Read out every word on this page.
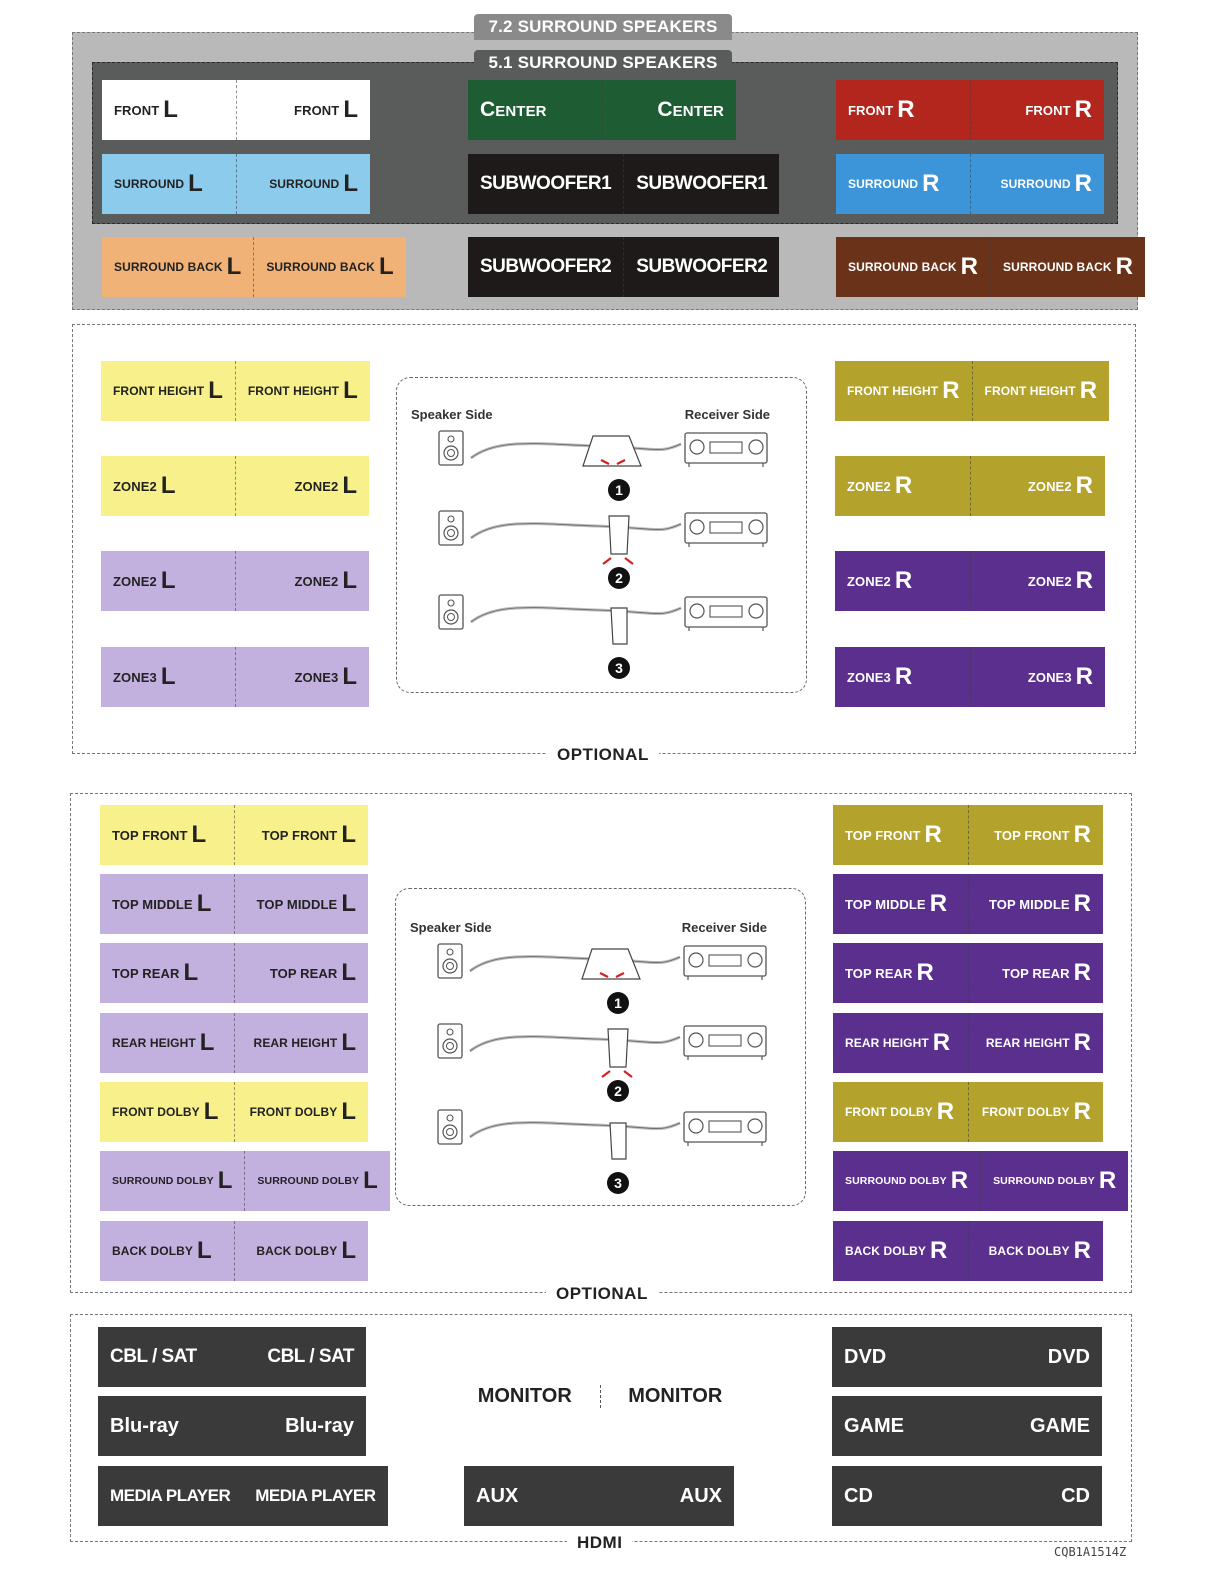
7.2 SURROUND SPEAKERS
5.1 SURROUND SPEAKERS
FRONT L	FRONT L	Center	Center	FRONT R	FRONT R
SURROUND L	SURROUND L	SUBWOOFER1 SUBWOOFER1	SURROUND R	SURROUND R
SURROUND BACK L SURROUND BACK L	SUBWOOFER2 SUBWOOFER2	SURROUND BACK R SURROUND BACK R
OPTIONAL
FRONT HEIGHT L FRONT HEIGHT L
ZONE2 L	ZONE2 L
ZONE2 L	ZONE2 L
ZONE3 L	ZONE3 L
FRONT HEIGHT R FRONT HEIGHT R
ZONE2 R	ZONE2 R
ZONE2 R	ZONE2 R
ZONE3 R	ZONE3 R
Speaker Side	Receiver Side
1
2
3
OPTIONAL
TOP FRONT L	TOP FRONT L
TOP MIDDLE L	TOP MIDDLE L
TOP REAR L	TOP REAR L
REAR HEIGHT L	REAR HEIGHT L
FRONT DOLBY L	FRONT DOLBY L
SURROUND DOLBY L SURROUND DOLBY L
BACK DOLBY L	BACK DOLBY L
TOP FRONT R	TOP FRONT R
TOP MIDDLE R	TOP MIDDLE R
TOP REAR R	TOP REAR R
REAR HEIGHT R	REAR HEIGHT R
FRONT DOLBY R FRONT DOLBY R
SURROUND DOLBY R SURROUND DOLBY R
BACK DOLBY R	BACK DOLBY R
Speaker Side	Receiver Side
1
2
3
HDMI
CBL / SAT	CBL / SAT
Blu-ray	Blu-ray
MEDIA PLAYER MEDIA PLAYER
DVD	DVD
GAME	GAME
CD	CD
AUX	AUX
MONITOR	MONITOR
CQB1A1514Z
